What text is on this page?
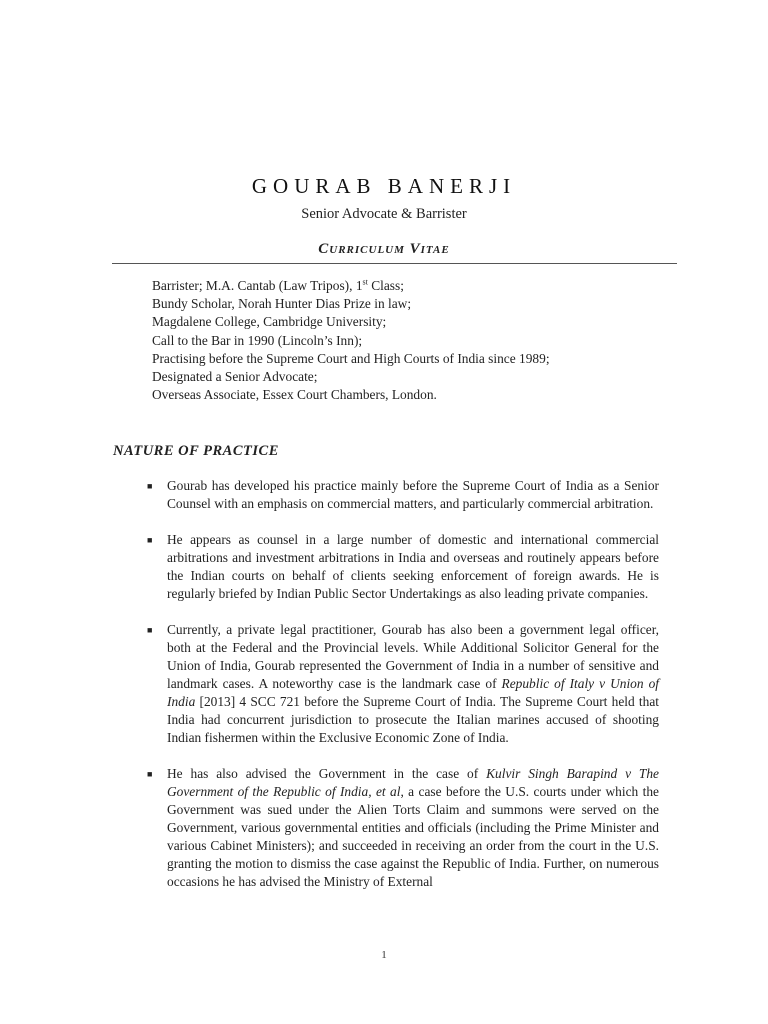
GOURAB BANERJI
Senior Advocate & Barrister
Curriculum Vitae
Barrister; M.A. Cantab (Law Tripos), 1st Class;
Bundy Scholar, Norah Hunter Dias Prize in law;
Magdalene College, Cambridge University;
Call to the Bar in 1990 (Lincoln’s Inn);
Practising before the Supreme Court and High Courts of India since 1989;
Designated a Senior Advocate;
Overseas Associate, Essex Court Chambers, London.
NATURE OF PRACTICE
■	Gourab has developed his practice mainly before the Supreme Court of India as a Senior Counsel with an emphasis on commercial matters, and particularly commercial arbitration.
■	He appears as counsel in a large number of domestic and international commercial arbitrations and investment arbitrations in India and overseas and routinely appears before the Indian courts on behalf of clients seeking enforcement of foreign awards. He is regularly briefed by Indian Public Sector Undertakings as also leading private companies.
■	Currently, a private legal practitioner, Gourab has also been a government legal officer, both at the Federal and the Provincial levels. While Additional Solicitor General for the Union of India, Gourab represented the Government of India in a number of sensitive and landmark cases. A noteworthy case is the landmark case of Republic of Italy v Union of India [2013] 4 SCC 721 before the Supreme Court of India. The Supreme Court held that India had concurrent jurisdiction to prosecute the Italian marines accused of shooting Indian fishermen within the Exclusive Economic Zone of India.
■	He has also advised the Government in the case of Kulvir Singh Barapind v The Government of the Republic of India, et al, a case before the U.S. courts under which the Government was sued under the Alien Torts Claim and summons were served on the Government, various governmental entities and officials (including the Prime Minister and various Cabinet Ministers); and succeeded in receiving an order from the court in the U.S. granting the motion to dismiss the case against the Republic of India. Further, on numerous occasions he has advised the Ministry of External
1
